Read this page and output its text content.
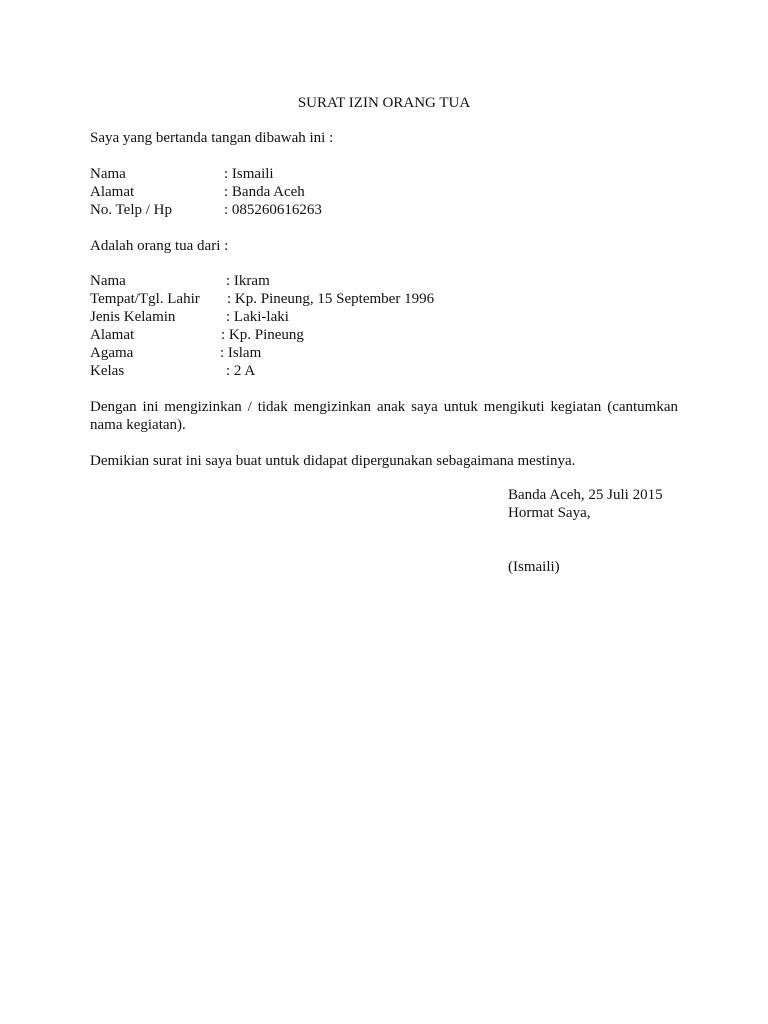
SURAT IZIN ORANG TUA
Saya yang bertanda tangan dibawah ini :
Nama	: Ismaili
Alamat	: Banda Aceh
No. Telp / Hp	: 085260616263
Adalah orang tua dari :
Nama	: Ikram
Tempat/Tgl. Lahir : Kp. Pineung, 15 September 1996
Jenis Kelamin	: Laki-laki
Alamat	: Kp. Pineung
Agama	: Islam
Kelas	: 2 A
Dengan ini mengizinkan / tidak mengizinkan anak saya untuk mengikuti kegiatan (cantumkan nama kegiatan).
Demikian surat ini saya buat untuk didapat dipergunakan sebagaimana mestinya.
Banda Aceh, 25 Juli 2015
Hormat Saya,
(Ismaili)
